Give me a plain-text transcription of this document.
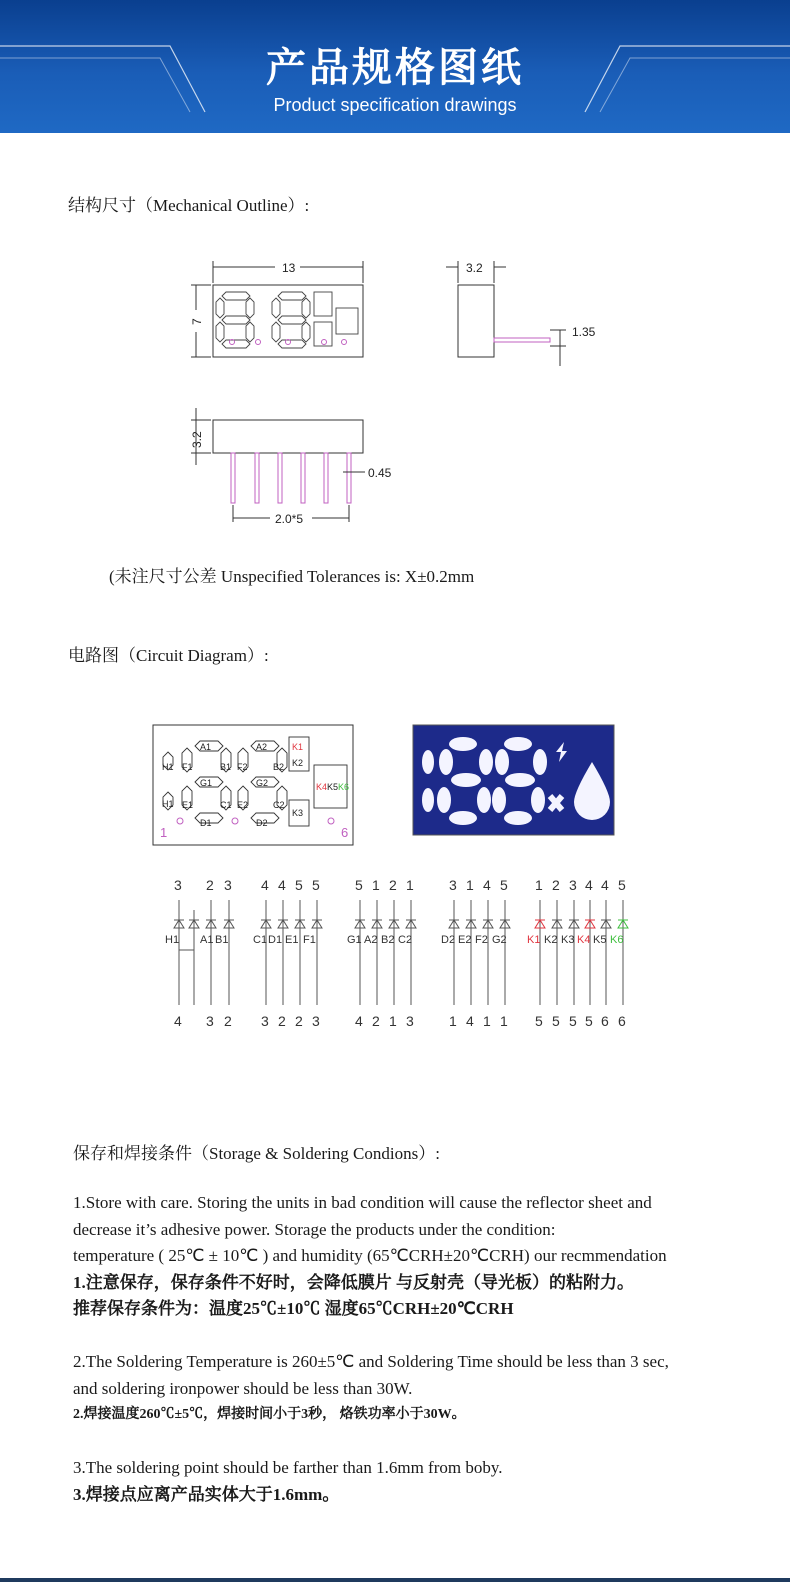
产品规格图纸
Product specification drawings
结构尺寸（Mechanical Outline）:
13
7
3.2
1.35
3.2
0.45
2.0*5
(未注尺寸公差 Unspecified Tolerances is: X±0.2mm
电路图（Circuit Diagram）:
A1
F1	B1
G1
E1	C1
D1
H1
H1
A2
F2	B2
G2
E2	C2
D2
K1
K2
K3
K4 K5 K6
1	6
3 2 3
4 3 2
4 4 5 5
3 2 2 3
5 1 2 1
4 2 1 3
3 1 4 5
1 4 1 1
1 2 3 4 4 5
5 5 5 5 6 6
H1 A1 B1 C1 D1 E1 F1	G1 A2 B2 C2	D2 E2 F2 G2 K1 K2 K3 K4 K5 K6
保存和焊接条件（Storage & Soldering Condions）:
1.Store with care. Storing the units in bad condition will cause the reflector sheet and
decrease it’s adhesive power. Storage the products under the condition:
temperature ( 25℃ ± 10℃ ) and humidity (65℃CRH±20℃CRH) our recmmendation
1.注意保存，保存条件不好时，会降低膜片 与反射壳（导光板）的粘附力。
推荐保存条件为：温度25℃±10℃ 湿度65℃CRH±20℃CRH
2.The Soldering Temperature is 260±5℃ and Soldering Time should be less than 3 sec,
and soldering ironpower should be less than 30W.
2.焊接温度260℃±5℃，焊接时间小于3秒， 烙铁功率小于30W。
3.The soldering point should be farther than 1.6mm from boby.
3.焊接点应离产品实体大于1.6mm。
